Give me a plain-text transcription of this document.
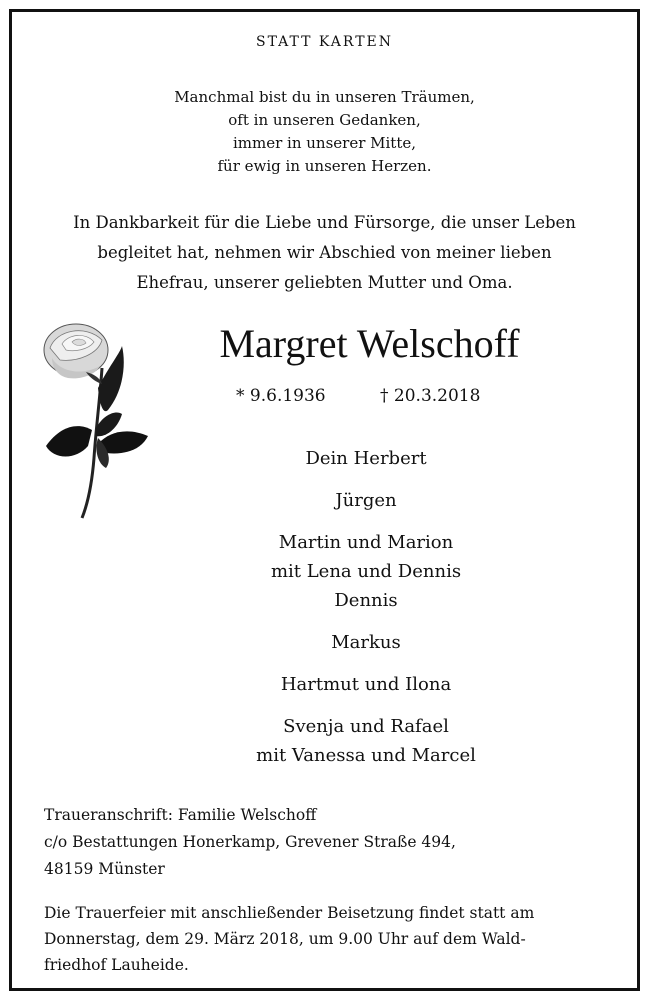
STATT KARTEN
Manchmal bist du in unseren Träumen,
oft in unseren Gedanken,
immer in unserer Mitte,
für ewig in unseren Herzen.
In Dankbarkeit für die Liebe und Fürsorge, die unser Leben
begleitet hat, nehmen wir Abschied von meiner lieben
Ehefrau, unserer geliebten Mutter und Oma.
Margret Welschoff
* 9.6.1936	† 20.3.2018
Dein Herbert
Jürgen
Martin und Marion
mit Lena und Dennis
Dennis
Markus
Hartmut und Ilona
Svenja und Rafael
mit Vanessa und Marcel
Traueranschrift: Familie Welschoff
c/o Bestattungen Honerkamp, Grevener Straße 494,
48159 Münster
Die Trauerfeier mit anschließender Beisetzung findet statt am
Donnerstag, dem 29. März 2018, um 9.00 Uhr auf dem Wald-
friedhof Lauheide.
